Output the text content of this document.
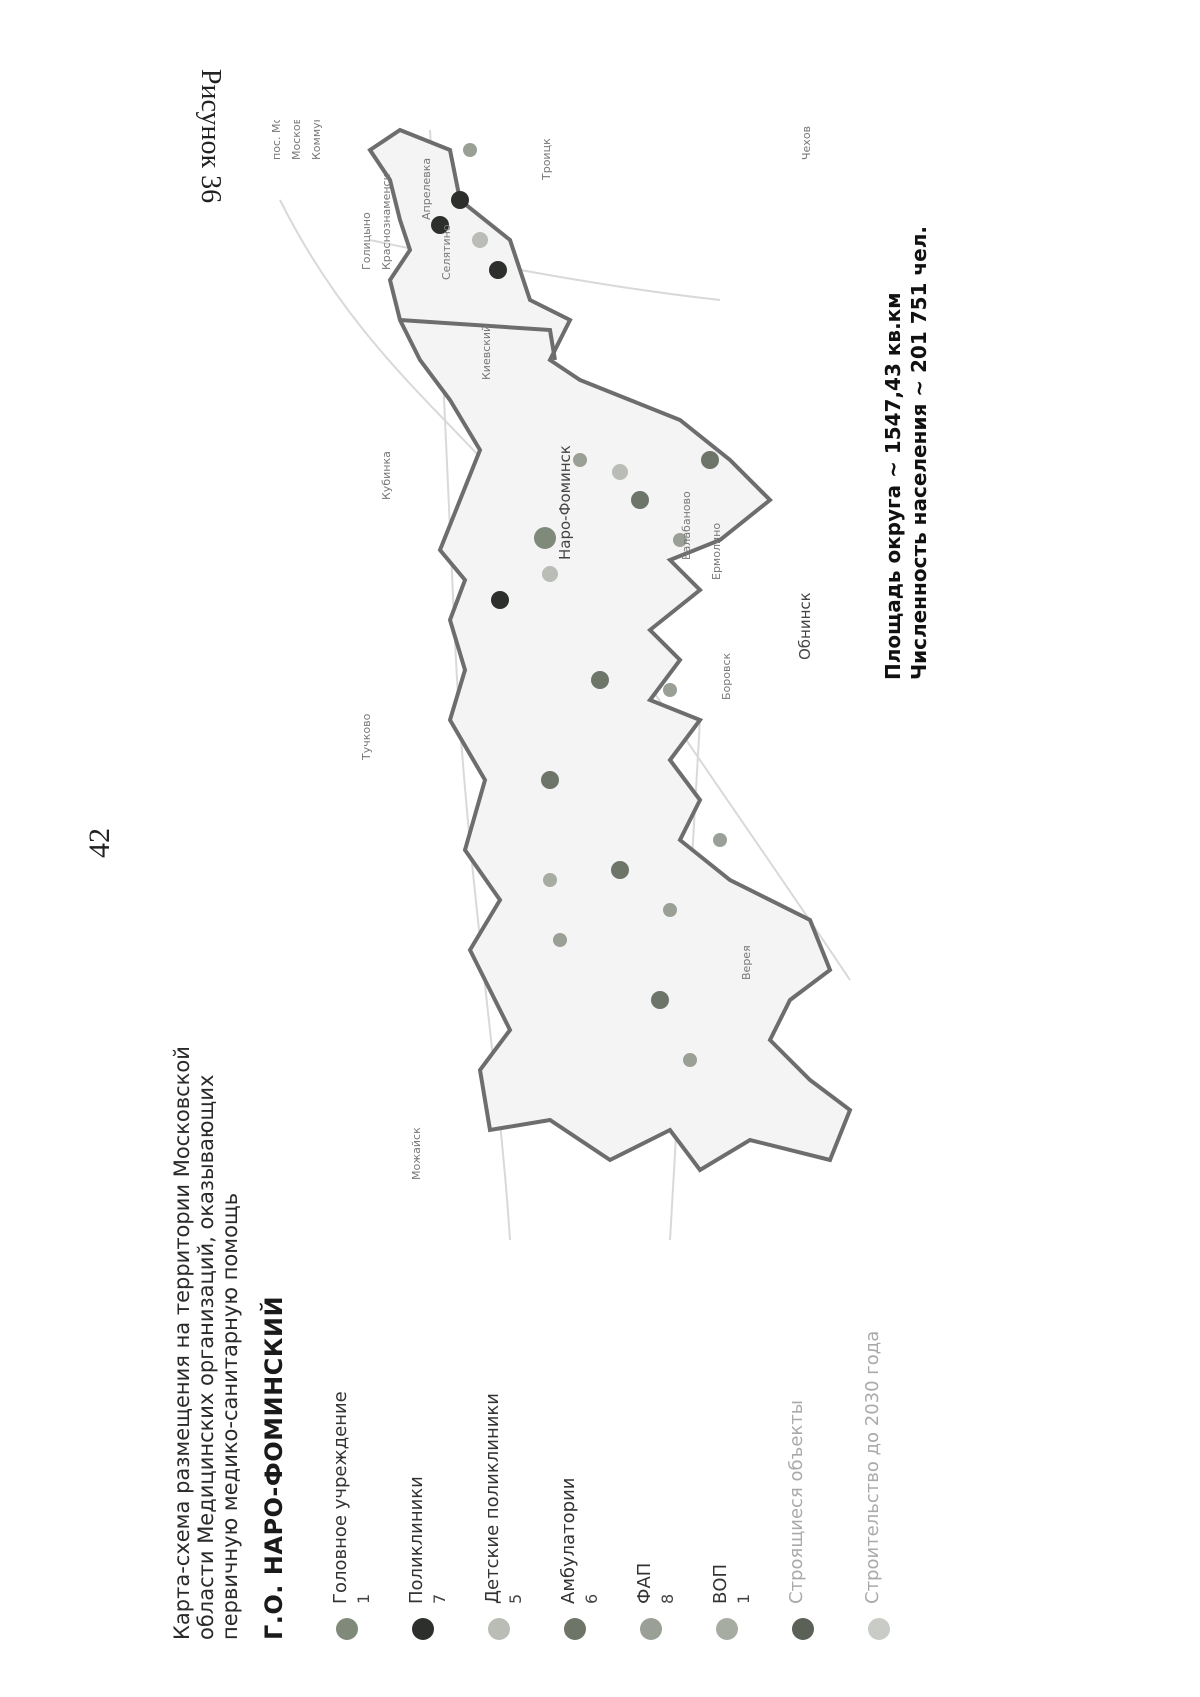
42
Рисунок 36
Карта-схема размещения на территории Московской области Медицинских организаций, оказывающих первичную медико-санитарную помощь Г.О. НАРО-ФОМИНСКИЙ Головное учреждение 1 Поликлиники 7 Детские поликлиники 5 Амбулатории 6 ФАП 8 ВОП 1 Строящиеся объекты	Строительство до 2030 года
Можайск
Тучково
Кубинка
Голицыно Краснознаменск Апрелевка
Селятино
Киевский
Наро-Фоминск	Балабаново Ермолино
Боровск
Обнинск
Верея
Чехов
Троицк
Московский Коммун
пос. Мос.
Площадь округа ~ 1547,43 кв.км Численность населения ~ 201 751 чел.
